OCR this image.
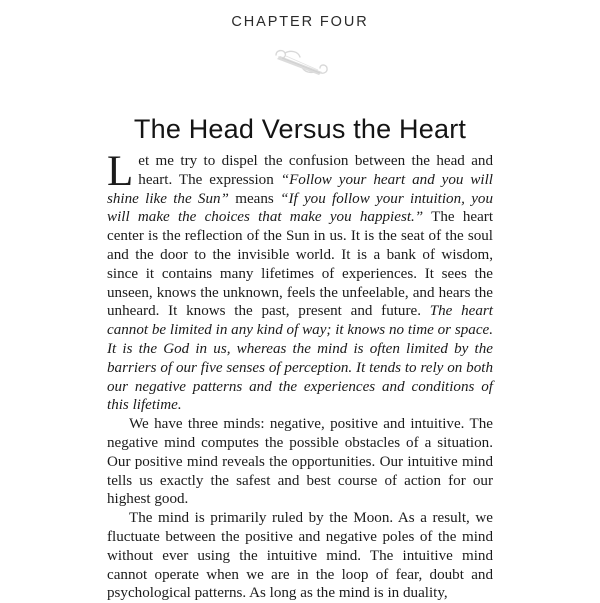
CHAPTER FOUR
The Head Versus the Heart

Let me try to dispel the confusion between the head and heart. The expression “Follow your heart and you will shine like the Sun” means “If you follow your intuition, you will make the choices that make you happiest.” The heart center is the reflection of the Sun in us. It is the seat of the soul and the door to the invisible world. It is a bank of wisdom, since it contains many lifetimes of experiences. It sees the unseen, knows the unknown, feels the unfeelable, and hears the unheard. It knows the past, present and future. The heart cannot be limited in any kind of way; it knows no time or space. It is the God in us, whereas the mind is often limited by the barriers of our five senses of perception. It tends to rely on both our negative patterns and the experiences and conditions of this lifetime.

We have three minds: negative, positive and intuitive. The negative mind computes the possible obstacles of a situation. Our positive mind reveals the opportunities. Our intuitive mind tells us exactly the safest and best course of action for our highest good.

The mind is primarily ruled by the Moon. As a result, we fluctuate between the positive and negative poles of the mind without ever using the intuitive mind. The intuitive mind cannot operate when we are in the loop of fear, doubt and psychological patterns. As long as the mind is in duality,
